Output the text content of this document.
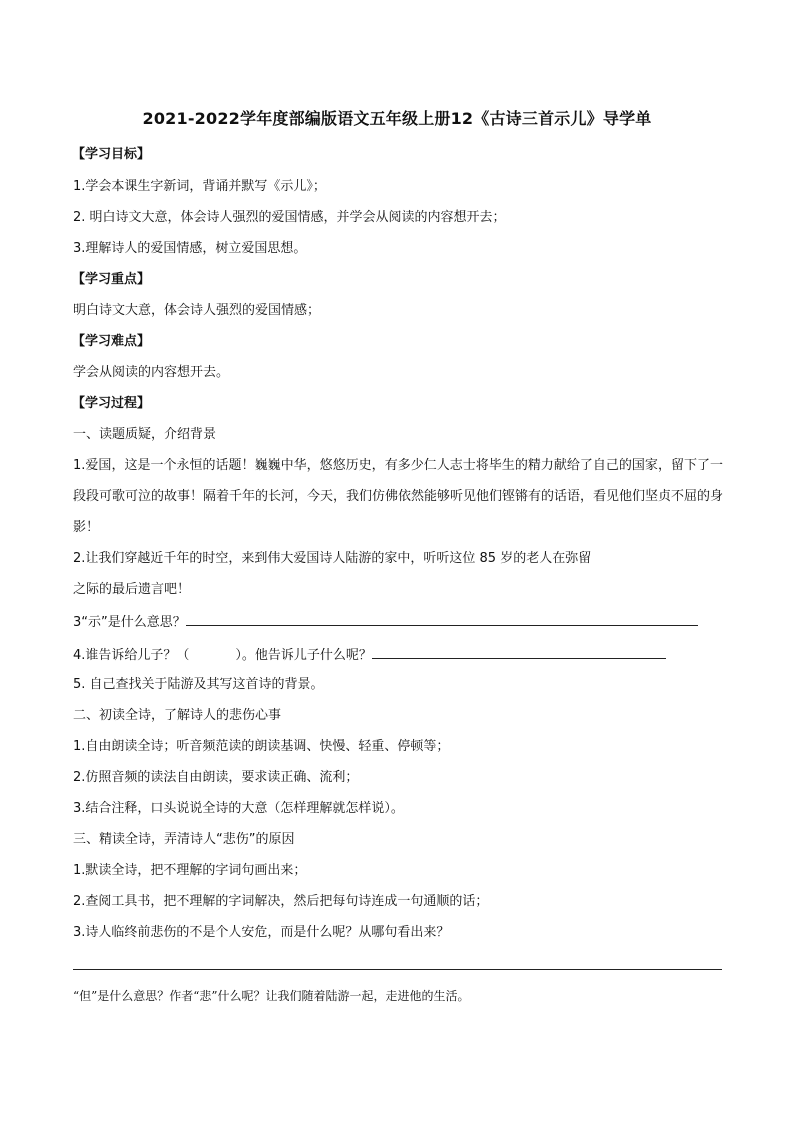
2021-2022学年度部编版语文五年级上册12《古诗三首示儿》导学单
【学习目标】
1.学会本课生字新词，背诵并默写《示儿》；
2. 明白诗文大意，体会诗人强烈的爱国情感，并学会从阅读的内容想开去；
3.理解诗人的爱国情感，树立爱国思想。
【学习重点】
明白诗文大意，体会诗人强烈的爱国情感；
【学习难点】
学会从阅读的内容想开去。
【学习过程】
一、读题质疑，介绍背景
1.爱国，这是一个永恒的话题！巍巍中华，悠悠历史，有多少仁人志士将毕生的精力献给了自己的国家，留下了一段段可歌可泣的故事！隔着千年的长河，今天，我们仿佛依然能够听见他们铿锵有的话语，看见他们坚贞不屈的身影！
2.让我们穿越近千年的时空，来到伟大爱国诗人陆游的家中，听听这位 85 岁的老人在弥留
之际的最后遗言吧！
3“示”是什么意思？
4.谁告诉给儿子？（	）。他告诉儿子什么呢？
5. 自己查找关于陆游及其写这首诗的背景。
二、初读全诗，了解诗人的悲伤心事
1.自由朗读全诗；听音频范读的朗读基调、快慢、轻重、停顿等；
2.仿照音频的读法自由朗读，要求读正确、流利；
3.结合注释，口头说说全诗的大意（怎样理解就怎样说）。
三、精读全诗，弄清诗人“悲伤”的原因
1.默读全诗，把不理解的字词句画出来；
2.查阅工具书，把不理解的字词解决，然后把每句诗连成一句通顺的话；
3.诗人临终前悲伤的不是个人安危，而是什么呢？从哪句看出来？
“但”是什么意思？作者“悲”什么呢？让我们随着陆游一起，走进他的生活。
